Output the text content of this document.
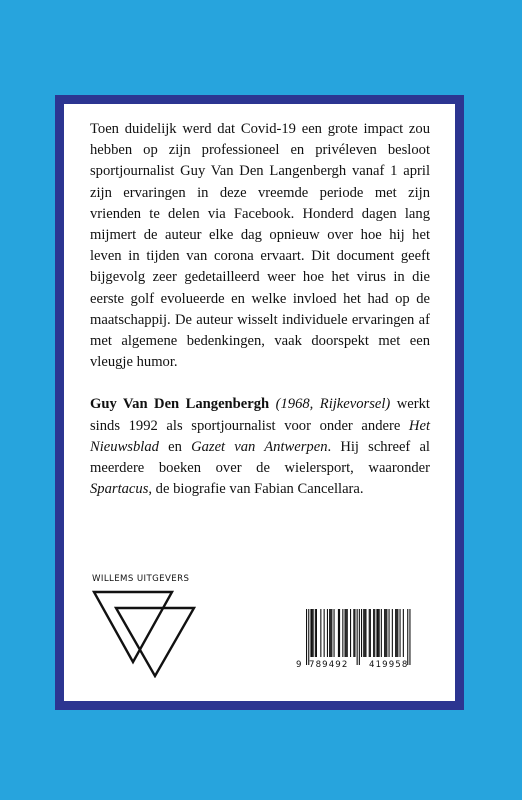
Toen duidelijk werd dat Covid-19 een grote impact zou hebben op zijn professioneel en privéleven besloot sportjournalist Guy Van Den Langenbergh vanaf 1 april zijn ervaringen in deze vreemde periode met zijn vrienden te delen via Facebook. Honderd dagen lang mijmert de auteur elke dag opnieuw over hoe hij het leven in tijden van corona ervaart. Dit document geeft bijgevolg zeer gedetailleerd weer hoe het virus in die eerste golf evolueerde en welke invloed het had op de maatschappij. De auteur wisselt individuele ervaringen af met algemene bedenkingen, vaak doorspekt met een vleugje humor.

Guy Van Den Langenbergh (1968, Rijkevorsel) werkt sinds 1992 als sportjournalist voor onder andere Het Nieuwsblad en Gazet van Antwerpen. Hij schreef al meerdere boeken over de wielersport, waaronder Spartacus, de biografie van Fabian Cancellara.

WILLEMS UITGEVERS
9 789492 419958
